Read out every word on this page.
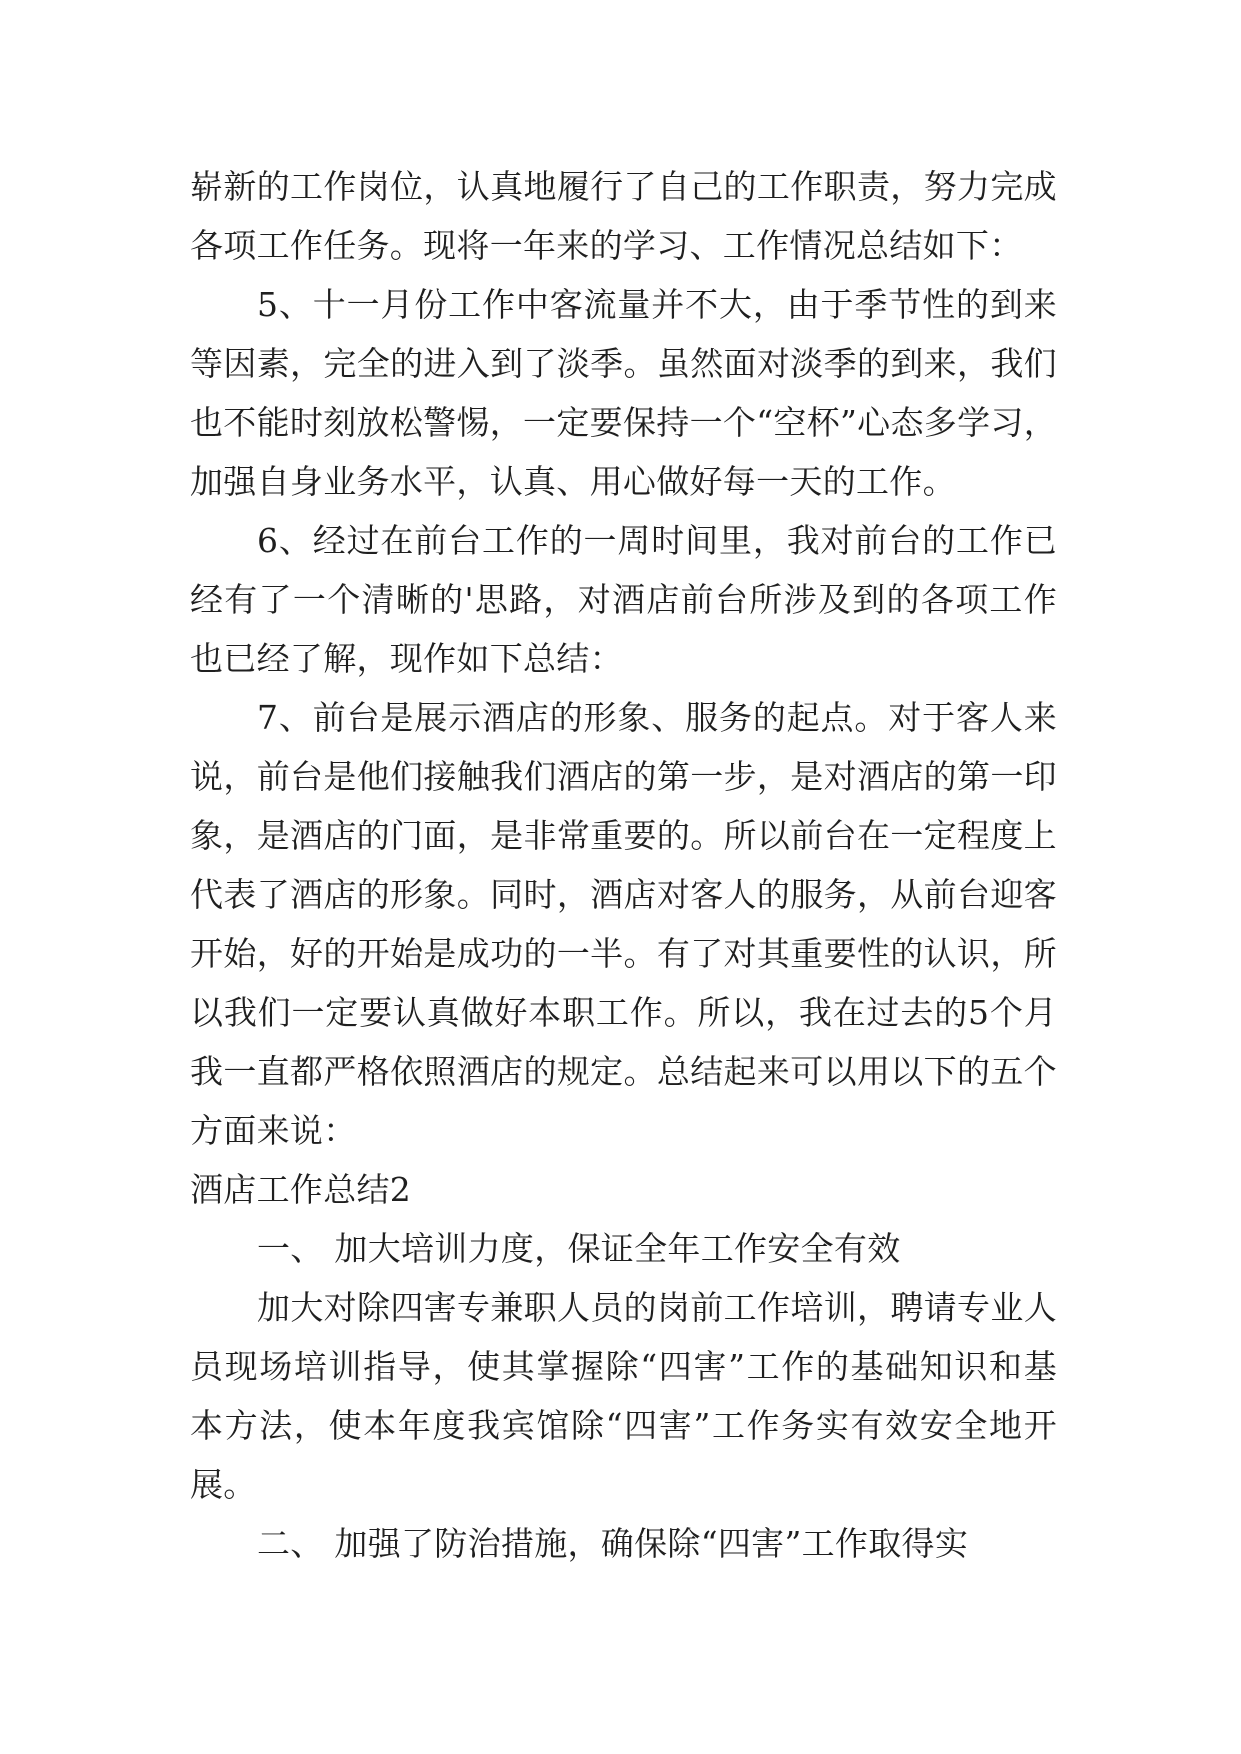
崭新的工作岗位，认真地履行了自己的工作职责，努力完成
各项工作任务。现将一年来的学习、工作情况总结如下：
5、十一月份工作中客流量并不大，由于季节性的到来
等因素，完全的进入到了淡季。虽然面对淡季的到来，我们
也不能时刻放松警惕，一定要保持一个“空杯”心态多学习，
加强自身业务水平，认真、用心做好每一天的工作。
6、经过在前台工作的一周时间里，我对前台的工作已
经有了一个清晰的'思路，对酒店前台所涉及到的各项工作
也已经了解，现作如下总结：
7、前台是展示酒店的形象、服务的起点。对于客人来
说，前台是他们接触我们酒店的第一步，是对酒店的第一印
象，是酒店的门面，是非常重要的。所以前台在一定程度上
代表了酒店的形象。同时，酒店对客人的服务，从前台迎客
开始，好的开始是成功的一半。有了对其重要性的认识，所
以我们一定要认真做好本职工作。所以，我在过去的5个月
我一直都严格依照酒店的规定。总结起来可以用以下的五个
方面来说：
酒店工作总结2
一、 加大培训力度，保证全年工作安全有效
加大对除四害专兼职人员的岗前工作培训，聘请专业人
员现场培训指导，使其掌握除“四害”工作的基础知识和基
本方法，使本年度我宾馆除“四害”工作务实有效安全地开
展。
二、 加强了防治措施，确保除“四害”工作取得实
